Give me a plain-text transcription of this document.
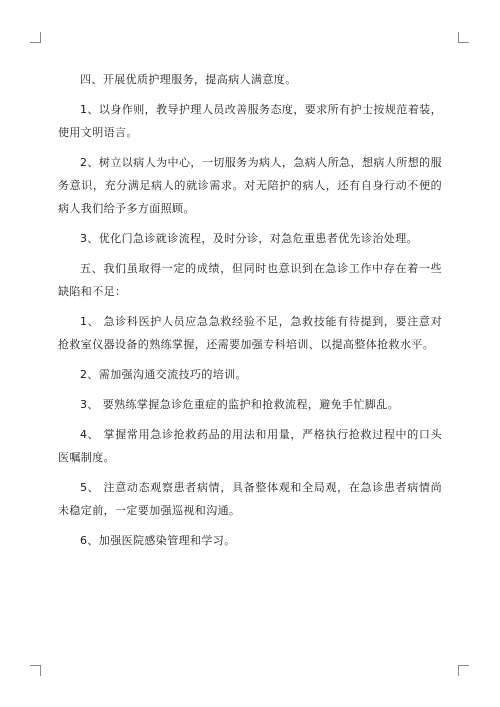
四、开展优质护理服务，提高病人满意度。

1、以身作则，教导护理人员改善服务态度，要求所有护士按规范着装，使用文明语言。

2、树立以病人为中心，一切服务为病人，急病人所急，想病人所想的服务意识，充分满足病人的就诊需求。对无陪护的病人，还有自身行动不便的病人我们给予多方面照顾。

3、优化门急诊就诊流程，及时分诊，对急危重患者优先诊治处理。

五、我们虽取得一定的成绩，但同时也意识到在急诊工作中存在着一些缺陷和不足：

1、 急诊科医护人员应急急救经验不足，急救技能有待提到，要注意对抢救室仪器设备的熟练掌握，还需要加强专科培训、以提高整体抢救水平。

2、需加强沟通交流技巧的培训。

3、 要熟练掌握急诊危重症的监护和抢救流程，避免手忙脚乱。

4、 掌握常用急诊抢救药品的用法和用量，严格执行抢救过程中的口头医嘱制度。

5、 注意动态观察患者病情，具备整体观和全局观，在急诊患者病情尚未稳定前，一定要加强巡视和沟通。

6、加强医院感染管理和学习。
